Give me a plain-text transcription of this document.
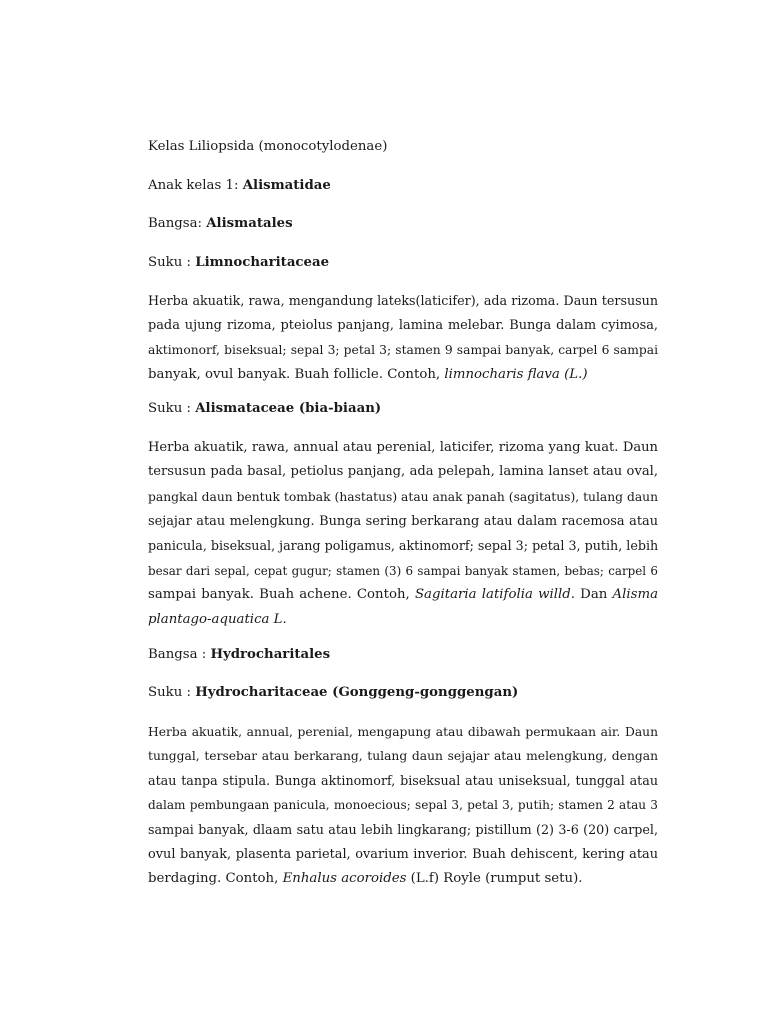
Kelas Liliopsida (monocotylodenae)

Anak kelas 1: Alismatidae

Bangsa: Alismatales

Suku : Limnocharitaceae

Herba akuatik, rawa, mengandung lateks(laticifer), ada rizoma. Daun tersusun
pada ujung rizoma, pteiolus panjang, lamina melebar. Bunga dalam cyimosa,
aktimonorf, biseksual; sepal 3; petal 3; stamen 9 sampai banyak, carpel 6 sampai
banyak, ovul banyak. Buah follicle. Contoh, limnocharis flava (L.)

Suku : Alismataceae (bia-biaan)

Herba akuatik, rawa, annual atau perenial, laticifer, rizoma yang kuat. Daun
tersusun pada basal, petiolus panjang, ada pelepah, lamina lanset atau oval,
pangkal daun bentuk tombak (hastatus) atau anak panah (sagitatus), tulang daun
sejajar atau melengkung. Bunga sering berkarang atau dalam racemosa atau
panicula, biseksual, jarang poligamus, aktinomorf; sepal 3; petal 3, putih, lebih
besar dari sepal, cepat gugur; stamen (3) 6 sampai banyak stamen, bebas; carpel 6
sampai banyak. Buah achene. Contoh, Sagitaria latifolia willd. Dan Alisma
plantago-aquatica L.

Bangsa : Hydrocharitales

Suku : Hydrocharitaceae (Gonggeng-gonggengan)

Herba akuatik, annual, perenial, mengapung atau dibawah permukaan air. Daun
tunggal, tersebar atau berkarang, tulang daun sejajar atau melengkung, dengan
atau tanpa stipula. Bunga aktinomorf, biseksual atau uniseksual, tunggal atau
dalam pembungaan panicula, monoecious; sepal 3, petal 3, putih; stamen 2 atau 3
sampai banyak, dlaam satu atau lebih lingkarang; pistillum (2) 3-6 (20) carpel,
ovul banyak, plasenta parietal, ovarium inverior. Buah dehiscent, kering atau
berdaging. Contoh, Enhalus acoroides (L.f) Royle (rumput setu).
